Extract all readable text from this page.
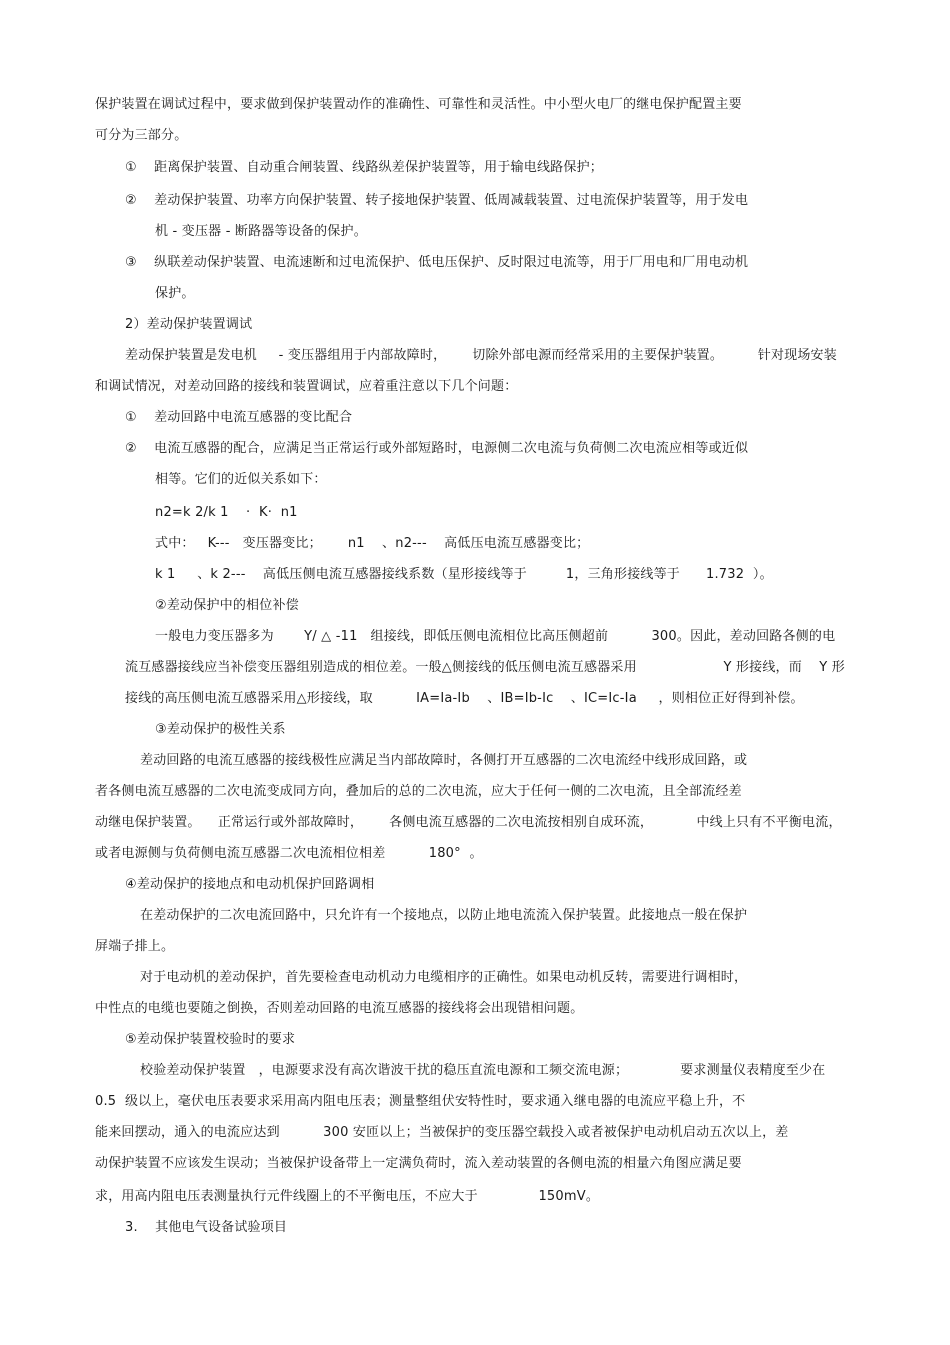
保护装置在调试过程中，要求做到保护装置动作的准确性、可靠性和灵活性。中小型火电厂的继电保护配置主要
可分为三部分。
①    距离保护装置、自动重合闸装置、线路纵差保护装置等，用于输电线路保护；
②    差动保护装置、功率方向保护装置、转子接地保护装置、低周减载装置、过电流保护装置等，用于发电
机 - 变压器 - 断路器等设备的保护。
③    纵联差动保护装置、电流速断和过电流保护、低电压保护、反时限过电流等，用于厂用电和厂用电动机
保护。
2）差动保护装置调试
差动保护装置是发电机     - 变压器组用于内部故障时，      切除外部电源而经常采用的主要保护装置。        针对现场安装
和调试情况，对差动回路的接线和装置调试，应着重注意以下几个问题：
①    差动回路中电流互感器的变比配合
②    电流互感器的配合，应满足当正常运行或外部短路时，电源侧二次电流与负荷侧二次电流应相等或近似
相等。它们的近似关系如下：
n2=k 2/k 1    ·  K·  n1
式中：   K---   变压器变比；      n1    、n2---    高低压电流互感器变比；
k 1     、k 2---    高低压侧电流互感器接线系数（星形接线等于         1，三角形接线等于      1.732  ）。
②差动保护中的相位补偿
一般电力变压器多为       Y/ △ -11   组接线，即低压侧电流相位比高压侧超前          300。因此，差动回路各侧的电
流互感器接线应当补偿变压器组别造成的相位差。一般△侧接线的低压侧电流互感器采用                    Y 形接线，而    Y 形
接线的高压侧电流互感器采用△形接线，取          IA=Ia-Ib    、IB=Ib-Ic    、IC=Ic-Ia     ，则相位正好得到补偿。
③差动保护的极性关系
差动回路的电流互感器的接线极性应满足当内部故障时，各侧打开互感器的二次电流经中线形成回路，或
者各侧电流互感器的二次电流变成同方向，叠加后的总的二次电流，应大于任何一侧的二次电流，且全部流经差
动继电保护装置。    正常运行或外部故障时，      各侧电流互感器的二次电流按相别自成环流，          中线上只有不平衡电流，
或者电源侧与负荷侧电流互感器二次电流相位相差          180°  。
④差动保护的接地点和电动机保护回路调相
在差动保护的二次电流回路中，只允许有一个接地点，以防止地电流流入保护装置。此接地点一般在保护
屏端子排上。
对于电动机的差动保护，首先要检查电动机动力电缆相序的正确性。如果电动机反转，需要进行调相时，
中性点的电缆也要随之倒换，否则差动回路的电流互感器的接线将会出现错相问题。
⑤差动保护装置校验时的要求
校验差动保护装置   ，电源要求没有高次谐波干扰的稳压直流电源和工频交流电源；            要求测量仪表精度至少在
0.5  级以上，毫伏电压表要求采用高内阻电压表；测量整组伏安特性时，要求通入继电器的电流应平稳上升，不
能来回摆动，通入的电流应达到          300 安匝以上；当被保护的变压器空载投入或者被保护电动机启动五次以上，差
动保护装置不应该发生误动；当被保护设备带上一定满负荷时，流入差动装置的各侧电流的相量六角图应满足要
求，用高内阻电压表测量执行元件线圈上的不平衡电压，不应大于              150mV。
3.    其他电气设备试验项目
